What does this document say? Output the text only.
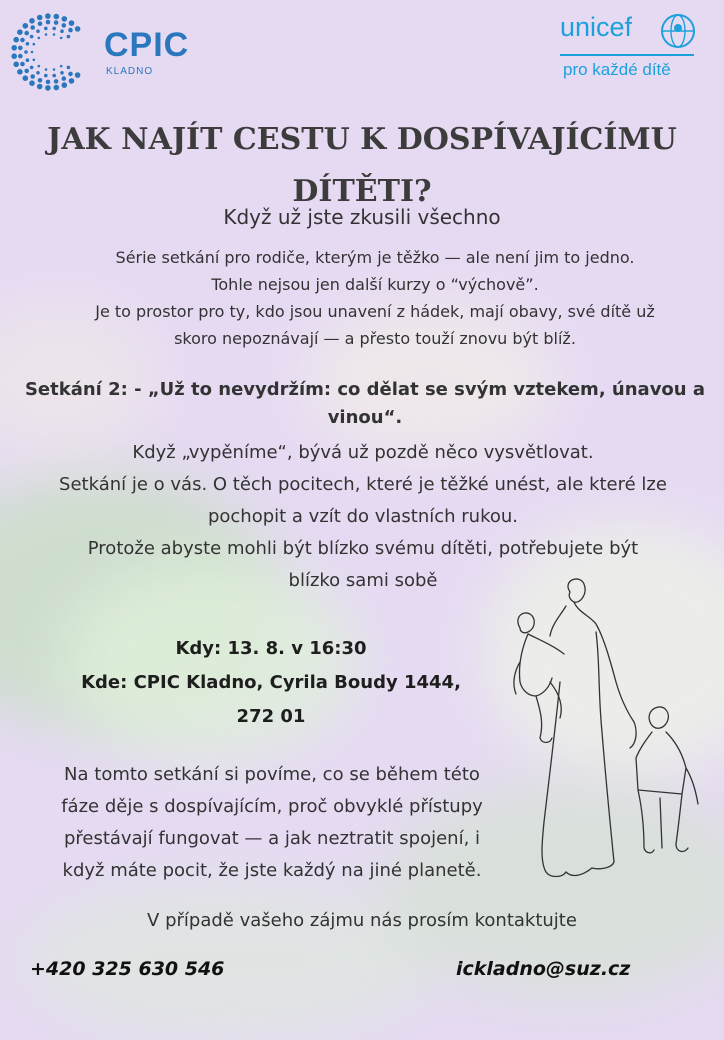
CPIC
KLADNO
unicef
pro každé dítě
JAK NAJÍT CESTU K DOSPÍVAJÍCÍMU
DÍTĚTI?
Když už jste zkusili všechno
Série setkání pro rodiče, kterým je těžko — ale není jim to jedno.
Tohle nejsou jen další kurzy o “výchově”.
Je to prostor pro ty, kdo jsou unavení z hádek, mají obavy, své dítě už
skoro nepoznávají — a přesto touží znovu být blíž.
Setkání 2: - „Už to nevydržím: co dělat se svým vztekem, únavou a
vinou“.
Když „vypěníme“, bývá už pozdě něco vysvětlovat.
Setkání je o vás. O těch pocitech, které je těžké unést, ale které lze
pochopit a vzít do vlastních rukou.
Protože abyste mohli být blízko svému dítěti, potřebujete být
blízko sami sobě
Kdy: 13. 8. v 16:30
Kde: CPIC Kladno, Cyrila Boudy 1444,
272 01
Na tomto setkání si povíme, co se během této
fáze děje s dospívajícím, proč obvyklé přístupy
přestávají fungovat — a jak neztratit spojení, i
když máte pocit, že jste každý na jiné planetě.
V případě vašeho zájmu nás prosím kontaktujte
+420 325 630 546	ickladno@suz.cz
